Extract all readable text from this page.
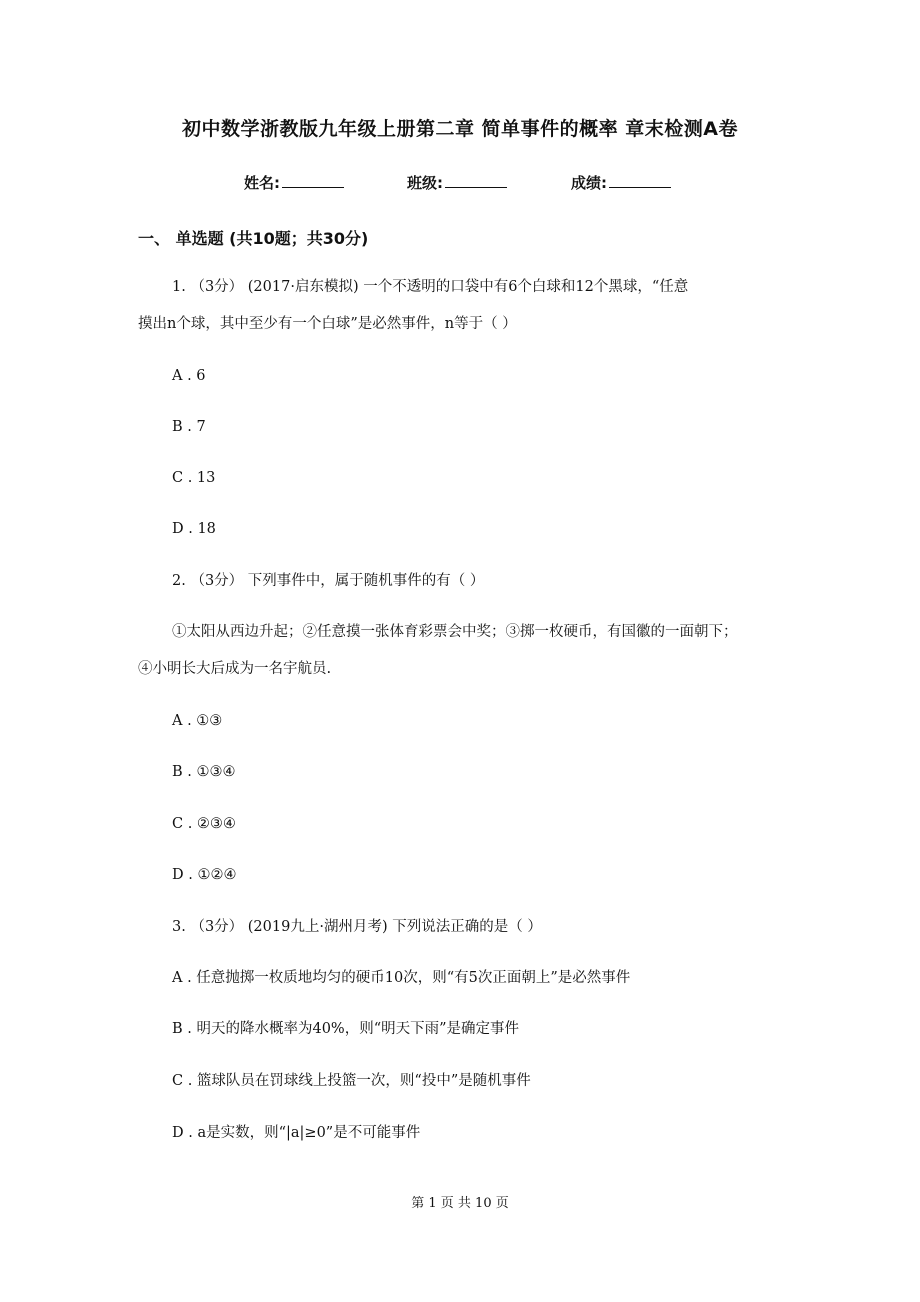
初中数学浙教版九年级上册第二章 简单事件的概率 章末检测A卷
姓名:	班级:	成绩:
一、 单选题 (共10题；共30分)
1. （3分） (2017·启东模拟) 一个不透明的口袋中有6个白球和12个黑球，“任意
摸出n个球，其中至少有一个白球”是必然事件，n等于（ ）
A . 6
B . 7
C . 13
D . 18
2. （3分） 下列事件中，属于随机事件的有（ ）
①太阳从西边升起；②任意摸一张体育彩票会中奖；③掷一枚硬币，有国徽的一面朝下；
④小明长大后成为一名宇航员.
A . ①③
B . ①③④
C . ②③④
D . ①②④
3. （3分） (2019九上·湖州月考) 下列说法正确的是（ ）
A . 任意抛掷一枚质地均匀的硬币10次，则“有5次正面朝上”是必然事件
B . 明天的降水概率为40%，则“明天下雨”是确定事件
C . 篮球队员在罚球线上投篮一次，则“投中”是随机事件
D . a是实数，则“|a|≥0”是不可能事件
第 1 页 共 10 页
